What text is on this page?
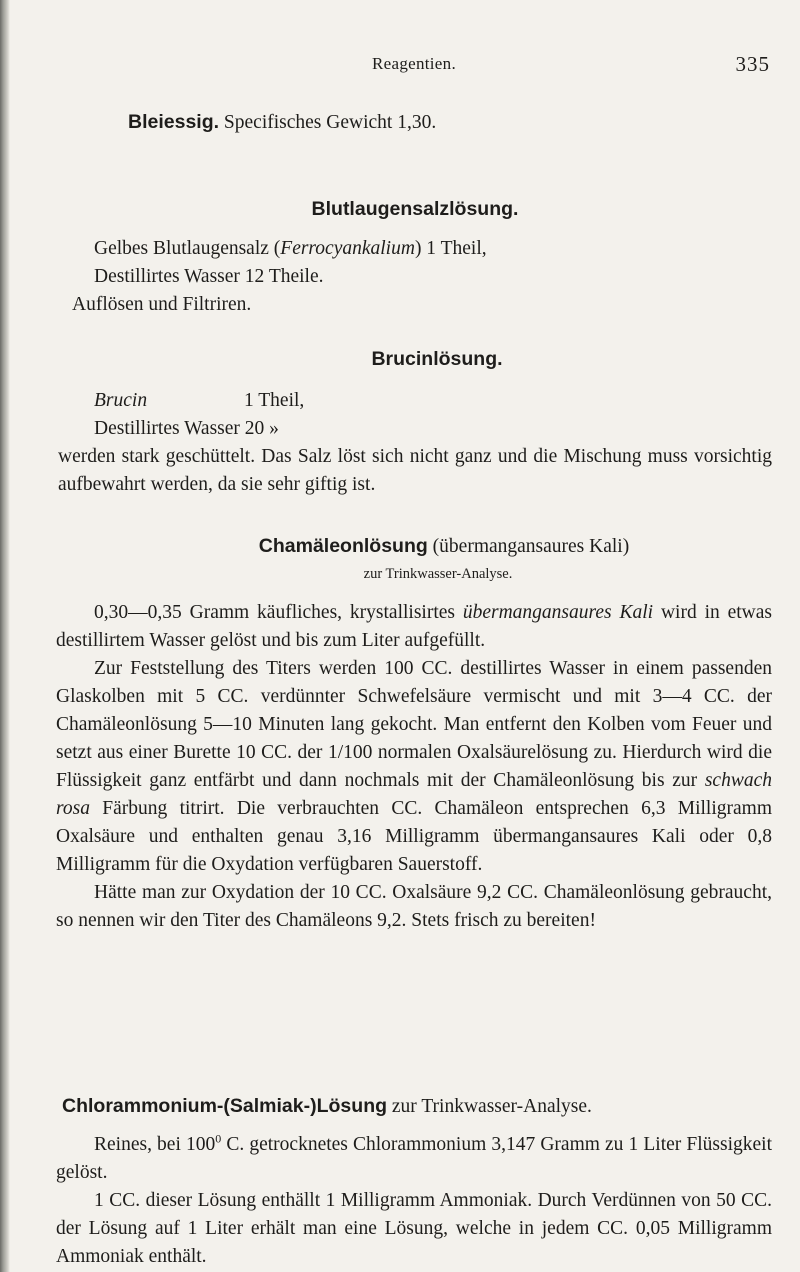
Reagentien.	335

Bleiessig. Specifisches Gewicht 1,30.

Blutlaugensalzlösung.

Gelbes Blutlaugensalz (Ferrocyankalium) 1 Theil,

Destillirtes Wasser 12 Theile.

Auflösen und Filtriren.

Brucinlösung.

Brucin	1 Theil,

Destillirtes Wasser 20 »

werden stark geschüttelt. Das Salz löst sich nicht ganz und die Mischung muss vorsichtig aufbewahrt werden, da sie sehr giftig ist.

Chamäleonlösung (übermangansaures Kali)

zur Trinkwasser-Analyse.

0,30—0,35 Gramm käufliches, krystallisirtes übermangansaures Kali wird in etwas destillirtem Wasser gelöst und bis zum Liter aufgefüllt.

Zur Feststellung des Titers werden 100 CC. destillirtes Wasser in einem passenden Glaskolben mit 5 CC. verdünnter Schwefelsäure vermischt und mit 3—4 CC. der Chamäleonlösung 5—10 Minuten lang gekocht. Man entfernt den Kolben vom Feuer und setzt aus einer Burette 10 CC. der 1/100 normalen Oxalsäurelösung zu. Hierdurch wird die Flüssigkeit ganz entfärbt und dann nochmals mit der Chamäleonlösung bis zur schwach rosa Färbung titrirt. Die verbrauchten CC. Chamäleon entsprechen 6,3 Milligramm Oxalsäure und enthalten genau 3,16 Milligramm übermangansaures Kali oder 0,8 Milligramm für die Oxydation verfügbaren Sauerstoff.

Hätte man zur Oxydation der 10 CC. Oxalsäure 9,2 CC. Chamäleonlösung gebraucht, so nennen wir den Titer des Chamäleons 9,2. Stets frisch zu bereiten!

Chlorammonium-(Salmiak-)Lösung zur Trinkwasser-Analyse.

Reines, bei $100^0$ C. getrocknetes Chlorammonium 3,147 Gramm zu 1 Liter Flüssigkeit gelöst.

1 CC. dieser Lösung enthällt 1 Milligramm Ammoniak. Durch Verdünnen von 50 CC. der Lösung auf 1 Liter erhält man eine Lösung, welche in jedem CC. 0,05 Milligramm Ammoniak enthält.
